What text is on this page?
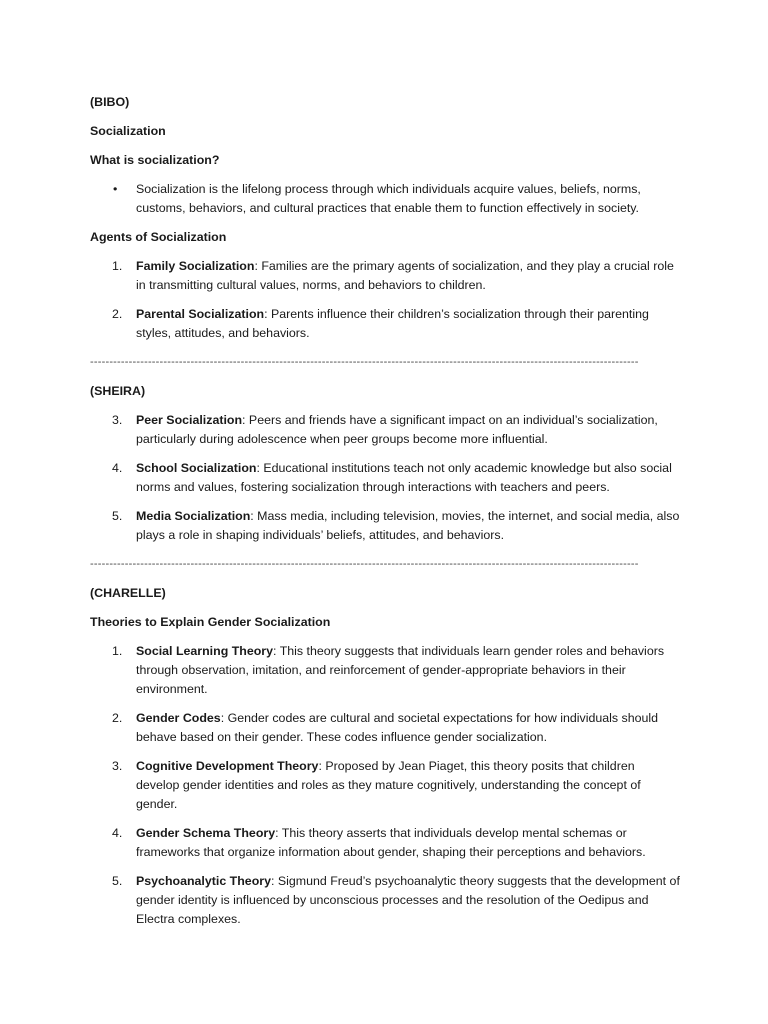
(BIBO)
Socialization
What is socialization?
• Socialization is the lifelong process through which individuals acquire values, beliefs, norms, customs, behaviors, and cultural practices that enable them to function effectively in society.
Agents of Socialization
1. Family Socialization: Families are the primary agents of socialization, and they play a crucial role in transmitting cultural values, norms, and behaviors to children.
2. Parental Socialization: Parents influence their children’s socialization through their parenting styles, attitudes, and behaviors.
----------------------------------------------------------------------------------------------------------------------------------------------
(SHEIRA)
3. Peer Socialization: Peers and friends have a significant impact on an individual’s socialization, particularly during adolescence when peer groups become more influential.
4. School Socialization: Educational institutions teach not only academic knowledge but also social norms and values, fostering socialization through interactions with teachers and peers.
5. Media Socialization: Mass media, including television, movies, the internet, and social media, also plays a role in shaping individuals’ beliefs, attitudes, and behaviors.
----------------------------------------------------------------------------------------------------------------------------------------------
(CHARELLE)
Theories to Explain Gender Socialization
1. Social Learning Theory: This theory suggests that individuals learn gender roles and behaviors through observation, imitation, and reinforcement of gender-appropriate behaviors in their environment.
2. Gender Codes: Gender codes are cultural and societal expectations for how individuals should behave based on their gender. These codes influence gender socialization.
3. Cognitive Development Theory: Proposed by Jean Piaget, this theory posits that children develop gender identities and roles as they mature cognitively, understanding the concept of gender.
4. Gender Schema Theory: This theory asserts that individuals develop mental schemas or frameworks that organize information about gender, shaping their perceptions and behaviors.
5. Psychoanalytic Theory: Sigmund Freud’s psychoanalytic theory suggests that the development of gender identity is influenced by unconscious processes and the resolution of the Oedipus and Electra complexes.
